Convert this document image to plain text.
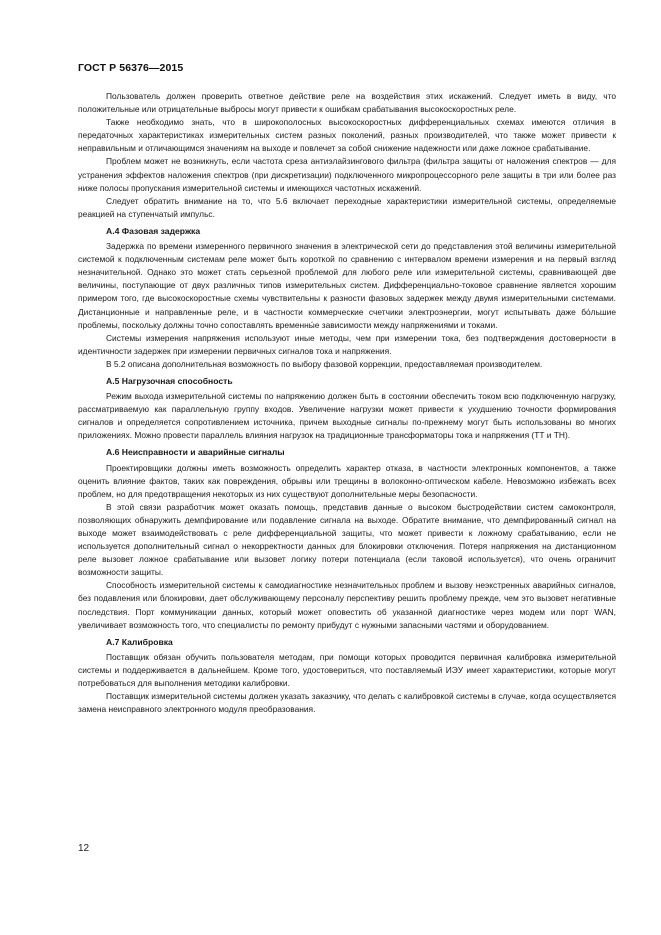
ГОСТ Р 56376—2015

Пользователь должен проверить ответное действие реле на воздействия этих искажений. Следует иметь в виду, что положительные или отрицательные выбросы могут привести к ошибкам срабатывания высокоскоростных реле.

Также необходимо знать, что в широкополосных высокоскоростных дифференциальных схемах имеются отличия в передаточных характеристиках измерительных систем разных поколений, разных производителей, что также может привести к неправильным и отличающимся значениям на выходе и повлечет за собой снижение надежности или даже ложное срабатывание.

Проблем может не возникнуть, если частота среза антиэлайзингового фильтра (фильтра защиты от наложения спектров — для устранения эффектов наложения спектров (при дискретизации) подключенного микропроцессорного реле защиты в три или более раз ниже полосы пропускания измерительной системы и имеющихся частотных искажений.

Следует обратить внимание на то, что 5.6 включает переходные характеристики измерительной системы, определяемые реакцией на ступенчатый импульс.

А.4 Фазовая задержка

Задержка по времени измеренного первичного значения в электрической сети до представления этой величины измерительной системой к подключенным системам реле может быть короткой по сравнению с интервалом времени измерения и на первый взгляд незначительной. Однако это может стать серьезной проблемой для любого реле или измерительной системы, сравнивающей две величины, поступающие от двух различных типов измерительных систем. Дифференциально-токовое сравнение является хорошим примером того, где высокоскоростные схемы чувствительны к разности фазовых задержек между двумя измерительными системами. Дистанционные и направленные реле, и в частности коммерческие счетчики электроэнергии, могут испытывать даже бо́льшие проблемы, поскольку должны точно сопоставлять временны́е зависимости между напряжениями и токами.

Системы измерения напряжения используют иные методы, чем при измерении тока, без подтверждения достоверности в идентичности задержек при измерении первичных сигналов тока и напряжения.

В 5.2 описана дополнительная возможность по выбору фазовой коррекции, предоставляемая производителем.

А.5 Нагрузочная способность

Режим выхода измерительной системы по напряжению должен быть в состоянии обеспечить током всю подключенную нагрузку, рассматриваемую как параллельную группу входов. Увеличение нагрузки может привести к ухудшению точности формирования сигналов и определяется сопротивлением источника, причем выходные сигналы по-прежнему могут быть использованы во многих приложениях. Можно провести параллель влияния нагрузок на традиционные трансформаторы тока и напряжения (ТТ и ТН).

А.6 Неисправности и аварийные сигналы

Проектировщики должны иметь возможность определить характер отказа, в частности электронных компонентов, а также оценить влияние фактов, таких как повреждения, обрывы или трещины в волоконно-оптическом кабеле. Невозможно избежать всех проблем, но для предотвращения некоторых из них существуют дополнительные меры безопасности.

В этой связи разработчик может оказать помощь, представив данные о высоком быстродействии систем самоконтроля, позволяющих обнаружить демпфирование или подавление сигнала на выходе. Обратите внимание, что демпфированный сигнал на выходе может взаимодействовать с реле дифференциальной защиты, что может привести к ложному срабатыванию, если не используется дополнительный сигнал о некорректности данных для блокировки отключения. Потеря напряжения на дистанционном реле вызовет ложное срабатывание или вызовет логику потери потенциала (если таковой используется), что очень ограничит возможности защиты.

Способность измерительной системы к самодиагностике незначительных проблем и вызову неэкстренных аварийных сигналов, без подавления или блокировки, дает обслуживающему персоналу перспективу решить проблему прежде, чем это вызовет негативные последствия. Порт коммуникации данных, который может оповестить об указанной диагностике через модем или порт WAN, увеличивает возможность того, что специалисты по ремонту прибудут с нужными запасными частями и оборудованием.

А.7 Калибровка

Поставщик обязан обучить пользователя методам, при помощи которых проводится первичная калибровка измерительной системы и поддерживается в дальнейшем. Кроме того, удостовериться, что поставляемый ИЭУ имеет характеристики, которые могут потребоваться для выполнения методики калибровки.

Поставщик измерительной системы должен указать заказчику, что делать с калибровкой системы в случае, когда осуществляется замена неисправного электронного модуля преобразования.

12
